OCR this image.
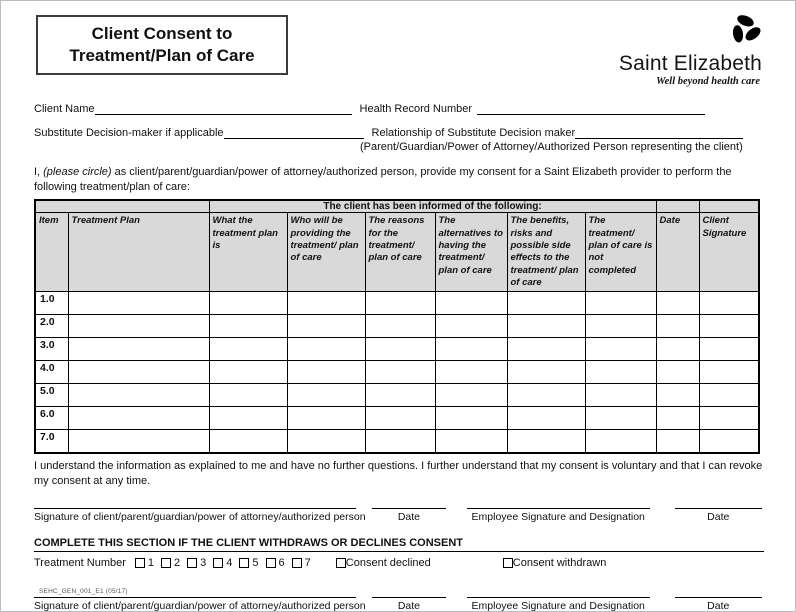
Client Consent to
Treatment/Plan of Care	Saint Elizabeth
Well beyond health care
Client Name	Health Record Number
Substitute Decision-maker if applicable	Relationship of Substitute Decision maker
(Parent/Guardian/Power of Attorney/Authorized Person representing the client)

I, (please circle) as client/parent/guardian/power of attorney/authorized person, provide my consent for a Saint Elizabeth provider to perform the following treatment/plan of care:

		The client has been informed of the following:							
Item	Treatment Plan	What the treatment plan is	Who will be providing the treatment/ plan of care	The reasons for the treatment/ plan of care	The alternatives to having the treatment/ plan of care	The benefits, risks and possible side effects to the treatment/ plan of care	The treatment/ plan of care is not completed	Date	Client Signature
1.0									
2.0									
3.0									
4.0									
5.0									
6.0									
7.0									

I understand the information as explained to me and have no further questions. I further understand that my consent is voluntary and that I can revoke my consent at any time.

Signature of client/parent/guardian/power of attorney/authorized person	Date	Employee Signature and Designation	Date
COMPLETE THIS SECTION IF THE CLIENT WITHDRAWS OR DECLINES CONSENT
Treatment Number 1 2 3 4 5 6 7	Consent declined	Consent withdrawn
Signature of client/parent/guardian/power of attorney/authorized person	Date	Employee Signature and Designation	Date
SEHC_GEN_001_E1 (05/17)
